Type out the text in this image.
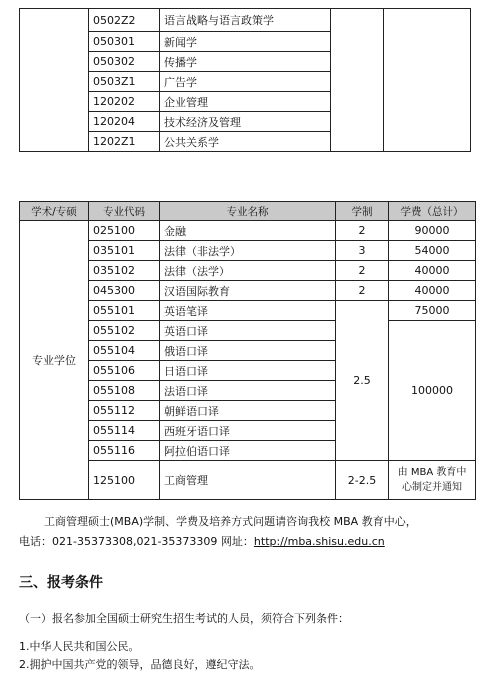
	0502Z2	语言战略与语言政策学		
	050301	新闻学		
	050302	传播学		
	0503Z1	广告学		
	120202	企业管理		
	120204	技术经济及管理		
	1202Z1	公共关系学		
学术/专硕	专业代码	专业名称	学制	学费（总计）
专业学位	025100	金融	2	90000
	035101	法律（非法学）	3	54000
	035102	法律（法学）	2	40000
	045300	汉语国际教育	2	40000
	055101	英语笔译	2.5	75000
	055102	英语口译		100000
	055104	俄语口译		
	055106	日语口译		
	055108	法语口译		
	055112	朝鲜语口译		
	055114	西班牙语口译		
	055116	阿拉伯语口译		
	125100	工商管理	2-2.5	由 MBA 教育中心制定并通知
工商管理硕士(MBA)学制、学费及培养方式问题请咨询我校 MBA 教育中心，
电话：021-35373308,021-35373309 网址：http://mba.shisu.edu.cn
三、报考条件
（一）报名参加全国硕士研究生招生考试的人员，须符合下列条件：
1.中华人民共和国公民。
2.拥护中国共产党的领导，品德良好，遵纪守法。
